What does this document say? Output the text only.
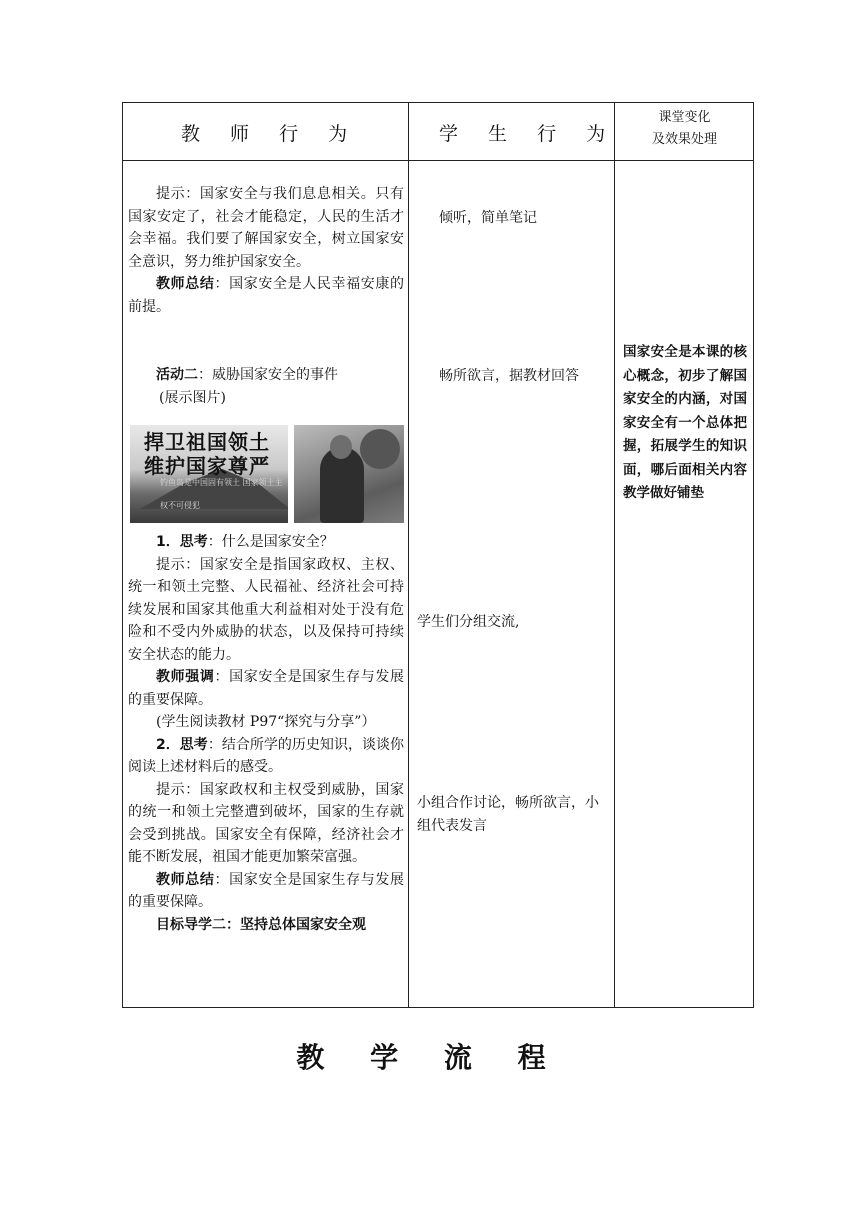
教 师 行 为	学 生 行 为
课堂变化
及效果处理

提示：国家安全与我们息息相关。只有国家安定了，社会才能稳定，人民的生活才会幸福。我们要了解国家安全，树立国家安全意识，努力维护国家安全。

教师总结：国家安全是人民幸福安康的前提。

活动二：威胁国家安全的事件

(展示图片)

捍卫祖国领土
维护国家尊严
钓鱼岛是中国固有领土 国家领土主权不可侵犯

1．思考：什么是国家安全？

提示：国家安全是指国家政权、主权、统一和领土完整、人民福祉、经济社会可持续发展和国家其他重大利益相对处于没有危险和不受内外威胁的状态，以及保持可持续安全状态的能力。

教师强调：国家安全是国家生存与发展的重要保障。

(学生阅读教材 P97“探究与分享”）

2．思考：结合所学的历史知识，谈谈你阅读上述材料后的感受。

提示：国家政权和主权受到威胁，国家的统一和领土完整遭到破坏，国家的生存就会受到挑战。国家安全有保障，经济社会才能不断发展，祖国才能更加繁荣富强。

教师总结：国家安全是国家生存与发展的重要保障。

目标导学二：坚持总体国家安全观

倾听，简单笔记
畅所欲言，据教材回答
学生们分组交流,
小组合作讨论，畅所欲言，小组代表发言
国家安全是本课的核心概念，初步了解国家安全的内涵，对国家安全有一个总体把握，拓展学生的知识面，哪后面相关内容教学做好铺垫
教 学 流 程
